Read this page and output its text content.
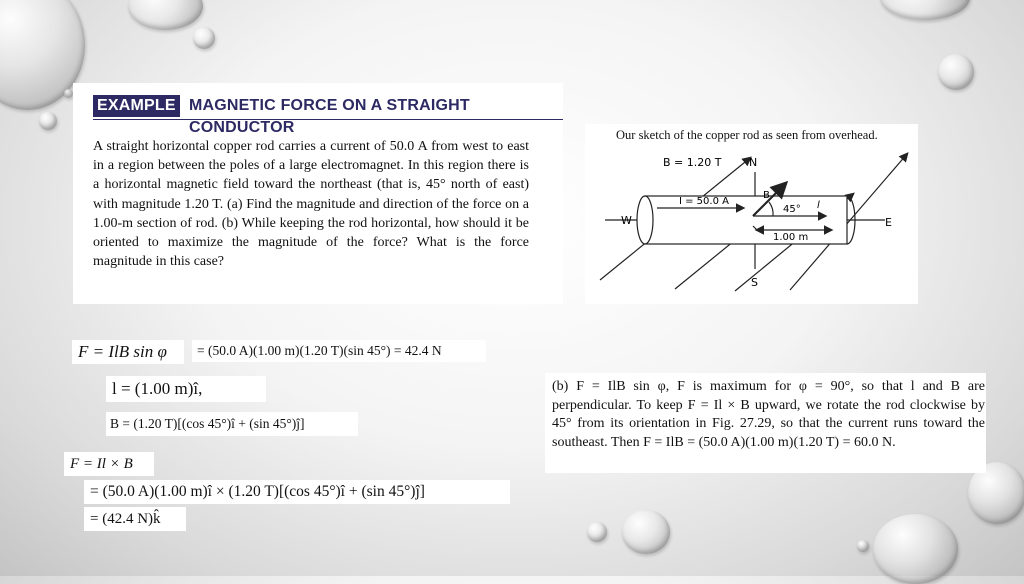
EXAMPLE MAGNETIC FORCE ON A STRAIGHT CONDUCTOR
A straight horizontal copper rod carries a current of 50.0 A from west to east in a region between the poles of a large electromagnet. In this region there is a horizontal magnetic field toward the northeast (that is, 45° north of east) with magnitude 1.20 T. (a) Find the magnitude and direction of the force on a 1.00-m section of rod. (b) While keeping the rod horizontal, how should it be oriented to maximize the magnitude of the force? What is the force magnitude in this case?
Our sketch of the copper rod as seen from overhead.
B = 1.20 T	N
S
W	E
I = 50.0 A
B
45° l
1.00 m
F = IlB sin φ = (50.0 A)(1.00 m)(1.20 T)(sin 45°) = 42.4 N
l = (1.00 m)î,
B = (1.20 T)[(cos 45°)î + (sin 45°)ĵ]
F = Il × B
= (50.0 A)(1.00 m)î × (1.20 T)[(cos 45°)î + (sin 45°)ĵ]
= (42.4 N)k̂
(b) F = IlB sin φ, F is maximum for φ = 90°, so that l and B are perpendicular. To keep F = Il × B upward, we rotate the rod clockwise by 45° from its orientation in Fig. 27.29, so that the current runs toward the southeast. Then F = IlB = (50.0 A)(1.00 m)(1.20 T) = 60.0 N.
